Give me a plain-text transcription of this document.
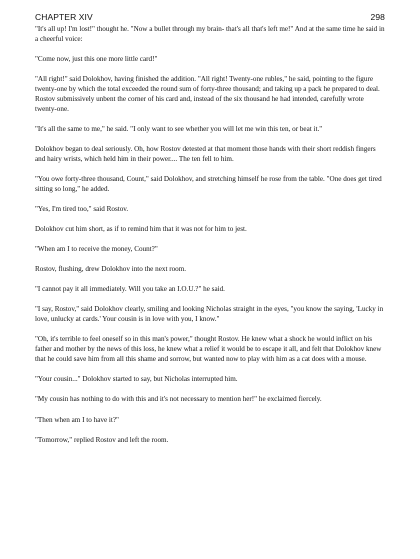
CHAPTER XIV	298

"It's all up! I'm lost!" thought he. "Now a bullet through my brain- that's all that's left me!" And at the same time he said in a cheerful voice:

"Come now, just this one more little card!"

"All right!" said Dolokhov, having finished the addition. "All right! Twenty-one rubles," he said, pointing to the figure twenty-one by which the total exceeded the round sum of forty-three thousand; and taking up a pack he prepared to deal. Rostov submissively unbent the corner of his card and, instead of the six thousand he had intended, carefully wrote twenty-one.

"It's all the same to me," he said. "I only want to see whether you will let me win this ten, or beat it."

Dolokhov began to deal seriously. Oh, how Rostov detested at that moment those hands with their short reddish fingers and hairy wrists, which held him in their power.... The ten fell to him.

"You owe forty-three thousand, Count," said Dolokhov, and stretching himself he rose from the table. "One does get tired sitting so long," he added.

"Yes, I'm tired too," said Rostov.

Dolokhov cut him short, as if to remind him that it was not for him to jest.

"When am I to receive the money, Count?"

Rostov, flushing, drew Dolokhov into the next room.

"I cannot pay it all immediately. Will you take an I.O.U.?" he said.

"I say, Rostov," said Dolokhov clearly, smiling and looking Nicholas straight in the eyes, "you know the saying, 'Lucky in love, unlucky at cards.' Your cousin is in love with you, I know."

"Oh, it's terrible to feel oneself so in this man's power," thought Rostov. He knew what a shock he would inflict on his father and mother by the news of this loss, he knew what a relief it would be to escape it all, and felt that Dolokhov knew that he could save him from all this shame and sorrow, but wanted now to play with him as a cat does with a mouse.

"Your cousin..." Dolokhov started to say, but Nicholas interrupted him.

"My cousin has nothing to do with this and it's not necessary to mention her!" he exclaimed fiercely.

"Then when am I to have it?"

"Tomorrow," replied Rostov and left the room.
